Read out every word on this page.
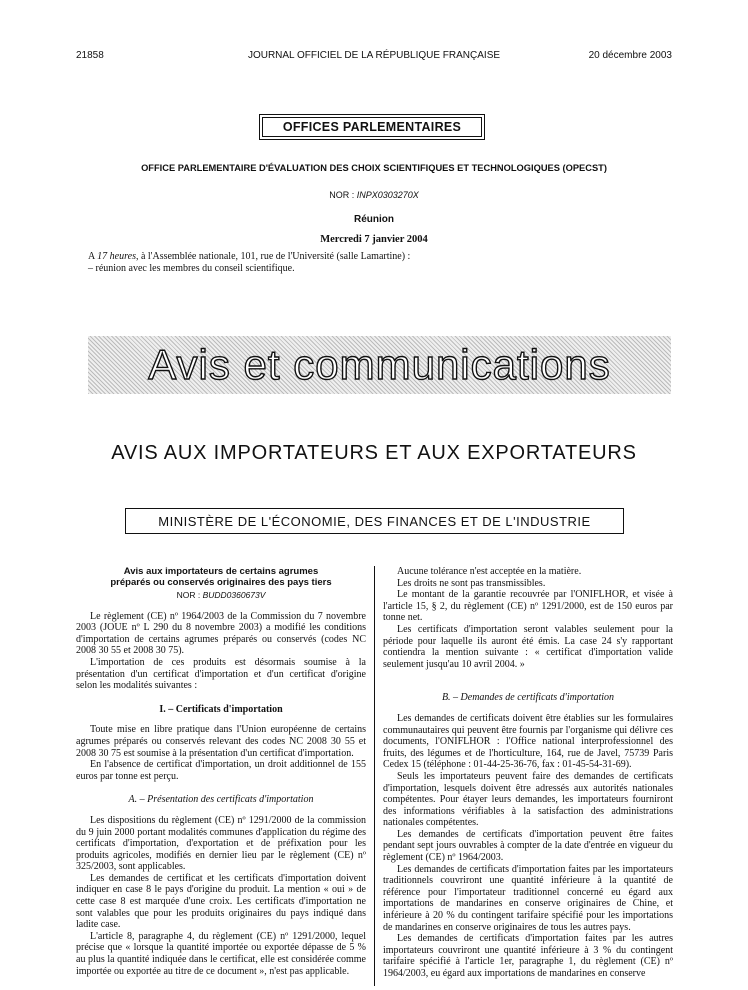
21858	JOURNAL OFFICIEL DE LA RÉPUBLIQUE FRANÇAISE	20 décembre 2003
OFFICES PARLEMENTAIRES
OFFICE PARLEMENTAIRE D'ÉVALUATION DES CHOIX SCIENTIFIQUES ET TECHNOLOGIQUES (OPECST)
NOR : INPX0303270X
Réunion
Mercredi 7 janvier 2004
A 17 heures, à l'Assemblée nationale, 101, rue de l'Université (salle Lamartine) :
– réunion avec les membres du conseil scientifique.
Avis et communications
AVIS AUX IMPORTATEURS ET AUX EXPORTATEURS
MINISTÈRE DE L'ÉCONOMIE, DES FINANCES ET DE L'INDUSTRIE
Avis aux importateurs de certains agrumes
préparés ou conservés originaires des pays tiers
NOR : BUDD0360673V

Le règlement (CE) nº 1964/2003 de la Commission du 7 novembre 2003 (JOUE nº L 290 du 8 novembre 2003) a modifié les conditions d'importation de certains agrumes préparés ou conservés (codes NC 2008 30 55 et 2008 30 75).

L'importation de ces produits est désormais soumise à la présentation d'un certificat d'importation et d'un certificat d'origine selon les modalités suivantes :

I. – Certificats d'importation

Toute mise en libre pratique dans l'Union européenne de certains agrumes préparés ou conservés relevant des codes NC 2008 30 55 et 2008 30 75 est soumise à la présentation d'un certificat d'importation.

En l'absence de certificat d'importation, un droit additionnel de 155 euros par tonne est perçu.

A. – Présentation des certificats d'importation

Les dispositions du règlement (CE) nº 1291/2000 de la commission du 9 juin 2000 portant modalités communes d'application du régime des certificats d'importation, d'exportation et de préfixation pour les produits agricoles, modifiés en dernier lieu par le règlement (CE) nº 325/2003, sont applicables.

Les demandes de certificat et les certificats d'importation doivent indiquer en case 8 le pays d'origine du produit. La mention « oui » de cette case 8 est marquée d'une croix. Les certificats d'importation ne sont valables que pour les produits originaires du pays indiqué dans ladite case.

L'article 8, paragraphe 4, du règlement (CE) nº 1291/2000, lequel précise que « lorsque la quantité importée ou exportée dépasse de 5 % au plus la quantité indiquée dans le certificat, elle est considérée comme importée ou exportée au titre de ce document », n'est pas applicable.

Aucune tolérance n'est acceptée en la matière.

Les droits ne sont pas transmissibles.

Le montant de la garantie recouvrée par l'ONIFLHOR, et visée à l'article 15, § 2, du règlement (CE) nº 1291/2000, est de 150 euros par tonne net.

Les certificats d'importation seront valables seulement pour la période pour laquelle ils auront été émis. La case 24 s'y rapportant contiendra la mention suivante : « certificat d'importation valide seulement jusqu'au 10 avril 2004. »

B. – Demandes de certificats d'importation

Les demandes de certificats doivent être établies sur les formulaires communautaires qui peuvent être fournis par l'organisme qui délivre ces documents, l'ONIFLHOR : l'Office national interprofessionnel des fruits, des légumes et de l'horticulture, 164, rue de Javel, 75739 Paris Cedex 15 (téléphone : 01-44-25-36-76, fax : 01-45-54-31-69).

Seuls les importateurs peuvent faire des demandes de certificats d'importation, lesquels doivent être adressés aux autorités nationales compétentes. Pour étayer leurs demandes, les importateurs fourniront des informations vérifiables à la satisfaction des administrations nationales compétentes.

Les demandes de certificats d'importation peuvent être faites pendant sept jours ouvrables à compter de la date d'entrée en vigueur du règlement (CE) nº 1964/2003.

Les demandes de certificats d'importation faites par les importateurs traditionnels couvriront une quantité inférieure à la quantité de référence pour l'importateur traditionnel concerné eu égard aux importations de mandarines en conserve originaires de Chine, et inférieure à 20 % du contingent tarifaire spécifié pour les importations de mandarines en conserve originaires de tous les autres pays.

Les demandes de certificats d'importation faites par les autres importateurs couvriront une quantité inférieure à 3 % du contingent tarifaire spécifié à l'article 1er, paragraphe 1, du règlement (CE) nº 1964/2003, eu égard aux importations de mandarines en conserve
